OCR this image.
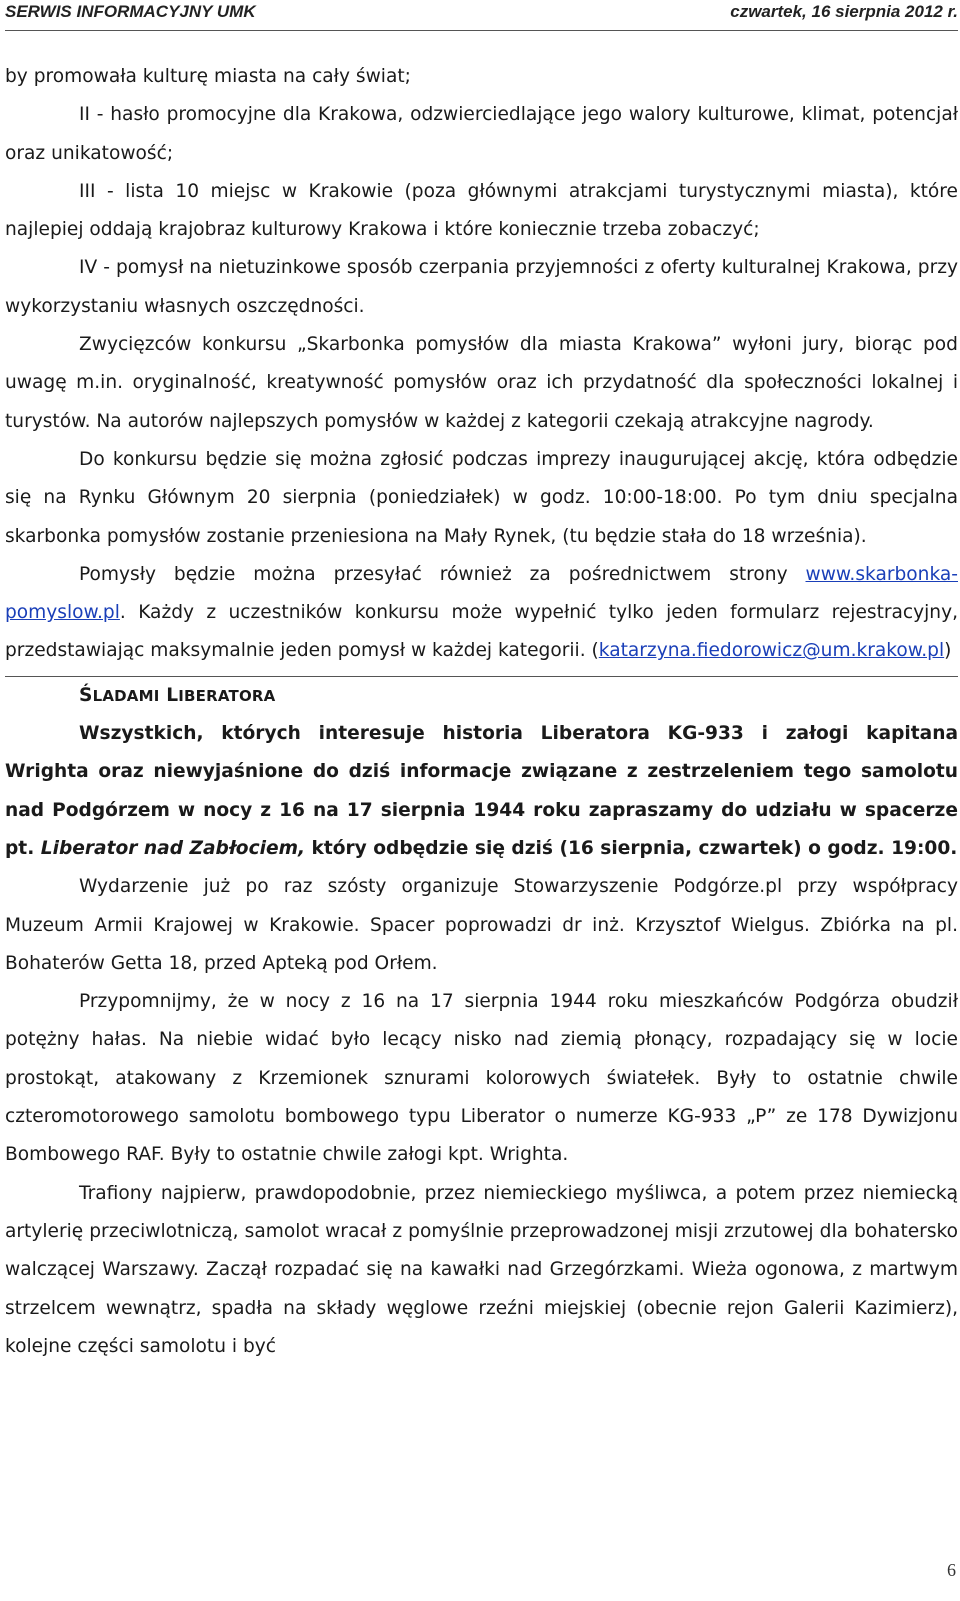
SERWIS INFORMACYJNY UMK	czwartek, 16 sierpnia 2012 r.

by promowała kulturę miasta na cały świat;

II - hasło promocyjne dla Krakowa, odzwierciedlające jego walory kulturowe, klimat, potencjał oraz unikatowość;

III - lista 10 miejsc w Krakowie (poza głównymi atrakcjami turystycznymi miasta), które najlepiej oddają krajobraz kulturowy Krakowa i które koniecznie trzeba zobaczyć;

IV - pomysł na nietuzinkowe sposób czerpania przyjemności z oferty kulturalnej Krakowa, przy wykorzystaniu własnych oszczędności.

Zwycięzców konkursu „Skarbonka pomysłów dla miasta Krakowa” wyłoni jury, biorąc pod uwagę m.in. oryginalność, kreatywność pomysłów oraz ich przydatność dla społeczności lokalnej i turystów. Na autorów najlepszych pomysłów w każdej z kategorii czekają atrakcyjne nagrody.

Do konkursu będzie się można zgłosić podczas imprezy inaugurującej akcję, która odbędzie się na Rynku Głównym 20 sierpnia (poniedziałek) w godz. 10:00-18:00. Po tym dniu specjalna skarbonka pomysłów zostanie przeniesiona na Mały Rynek, (tu będzie stała do 18 września).

Pomysły będzie można przesyłać również za pośrednictwem strony www.skarbonka-pomyslow.pl. Każdy z uczestników konkursu może wypełnić tylko jeden formularz rejestracyjny, przedstawiając maksymalnie jeden pomysł w każdej kategorii. (katarzyna.fiedorowicz@um.krakow.pl)

ŚLADAMI LIBERATORA

Wszystkich, których interesuje historia Liberatora KG-933 i załogi kapitana Wrighta oraz niewyjaśnione do dziś informacje związane z zestrzeleniem tego samolotu nad Podgórzem w nocy z 16 na 17 sierpnia 1944 roku zapraszamy do udziału w spacerze pt. Liberator nad Zabłociem, który odbędzie się dziś (16 sierpnia, czwartek) o godz. 19:00.

Wydarzenie już po raz szósty organizuje Stowarzyszenie Podgórze.pl przy współpracy Muzeum Armii Krajowej w Krakowie. Spacer poprowadzi dr inż. Krzysztof Wielgus. Zbiórka na pl. Bohaterów Getta 18, przed Apteką pod Orłem.

Przypomnijmy, że w nocy z 16 na 17 sierpnia 1944 roku mieszkańców Podgórza obudził potężny hałas. Na niebie widać było lecący nisko nad ziemią płonący, rozpadający się w locie prostokąt, atakowany z Krzemionek sznurami kolorowych światełek. Były to ostatnie chwile czteromotorowego samolotu bombowego typu Liberator o numerze KG-933 „P” ze 178 Dywizjonu Bombowego RAF. Były to ostatnie chwile załogi kpt. Wrighta.

Trafiony najpierw, prawdopodobnie, przez niemieckiego myśliwca, a potem przez niemiecką artylerię przeciwlotniczą, samolot wracał z pomyślnie przeprowadzonej misji zrzutowej dla bohatersko walczącej Warszawy. Zaczął rozpadać się na kawałki nad Grzegórzkami. Wieża ogonowa, z martwym strzelcem wewnątrz, spadła na składy węglowe rzeźni miejskiej (obecnie rejon Galerii Kazimierz), kolejne części samolotu i być

6
